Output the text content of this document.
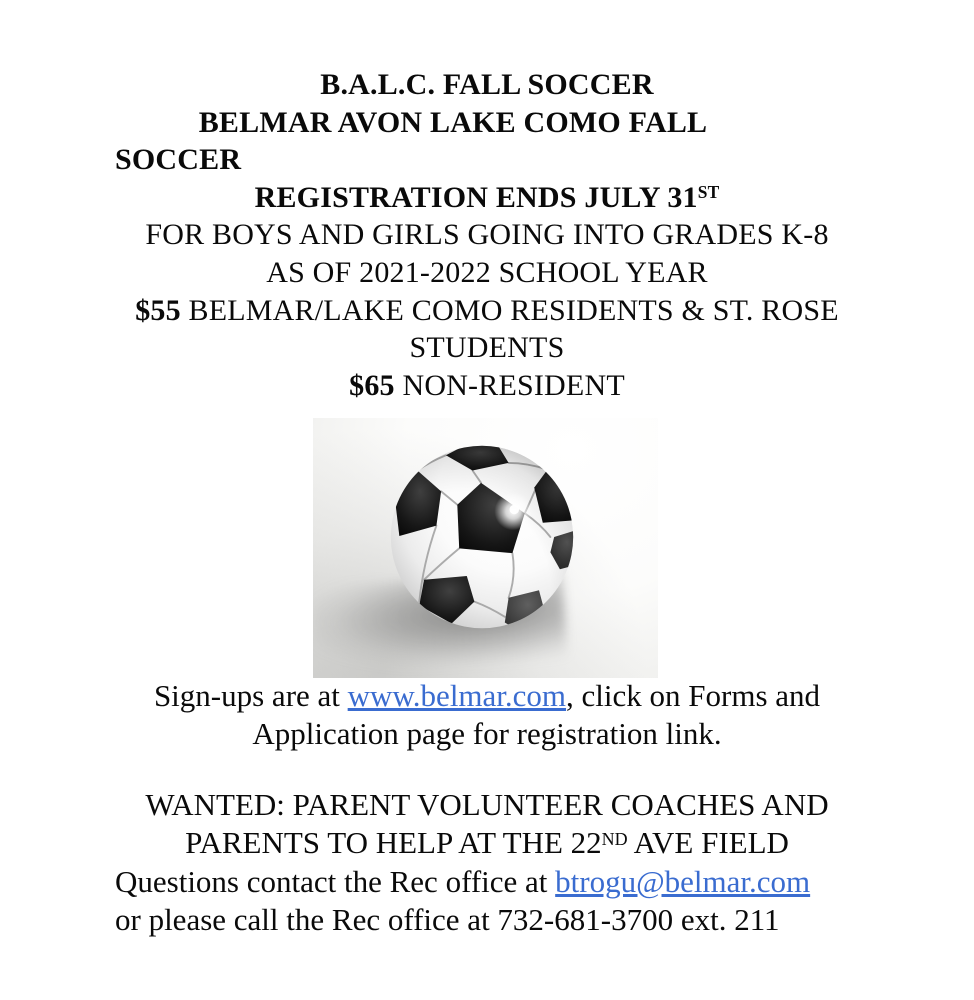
B.A.L.C. FALL SOCCER
BELMAR AVON LAKE COMO FALL
SOCCER
REGISTRATION ENDS JULY 31ST
FOR BOYS AND GIRLS GOING INTO GRADES K-8
AS OF 2021-2022 SCHOOL YEAR
$55 BELMAR/LAKE COMO RESIDENTS & ST. ROSE
STUDENTS
$65 NON-RESIDENT
Sign-ups are at www.belmar.com, click on Forms and
Application page for registration link.
WANTED: PARENT VOLUNTEER COACHES AND
PARENTS TO HELP AT THE 22ND AVE FIELD
Questions contact the Rec office at btrogu@belmar.com
or please call the Rec office at 732-681-3700 ext. 211
